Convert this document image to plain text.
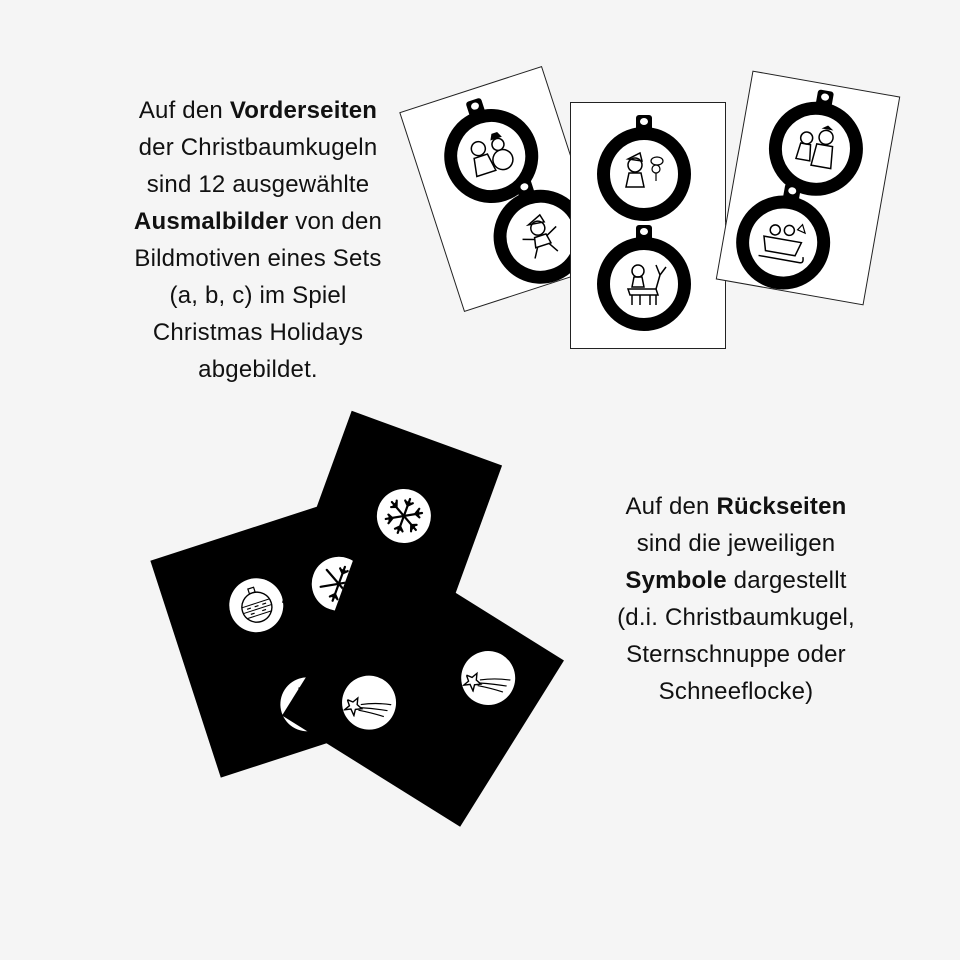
Auf den Vorderseiten
der Christbaumkugeln
sind 12 ausgewählte
Ausmalbilder von den
Bildmotiven eines Sets
(a, b, c) im Spiel
Christmas Holidays
abgebildet.
Auf den Rückseiten
sind die jeweiligen
Symbole dargestellt
(d.i. Christbaumkugel,
Sternschnuppe oder
Schneeflocke)
